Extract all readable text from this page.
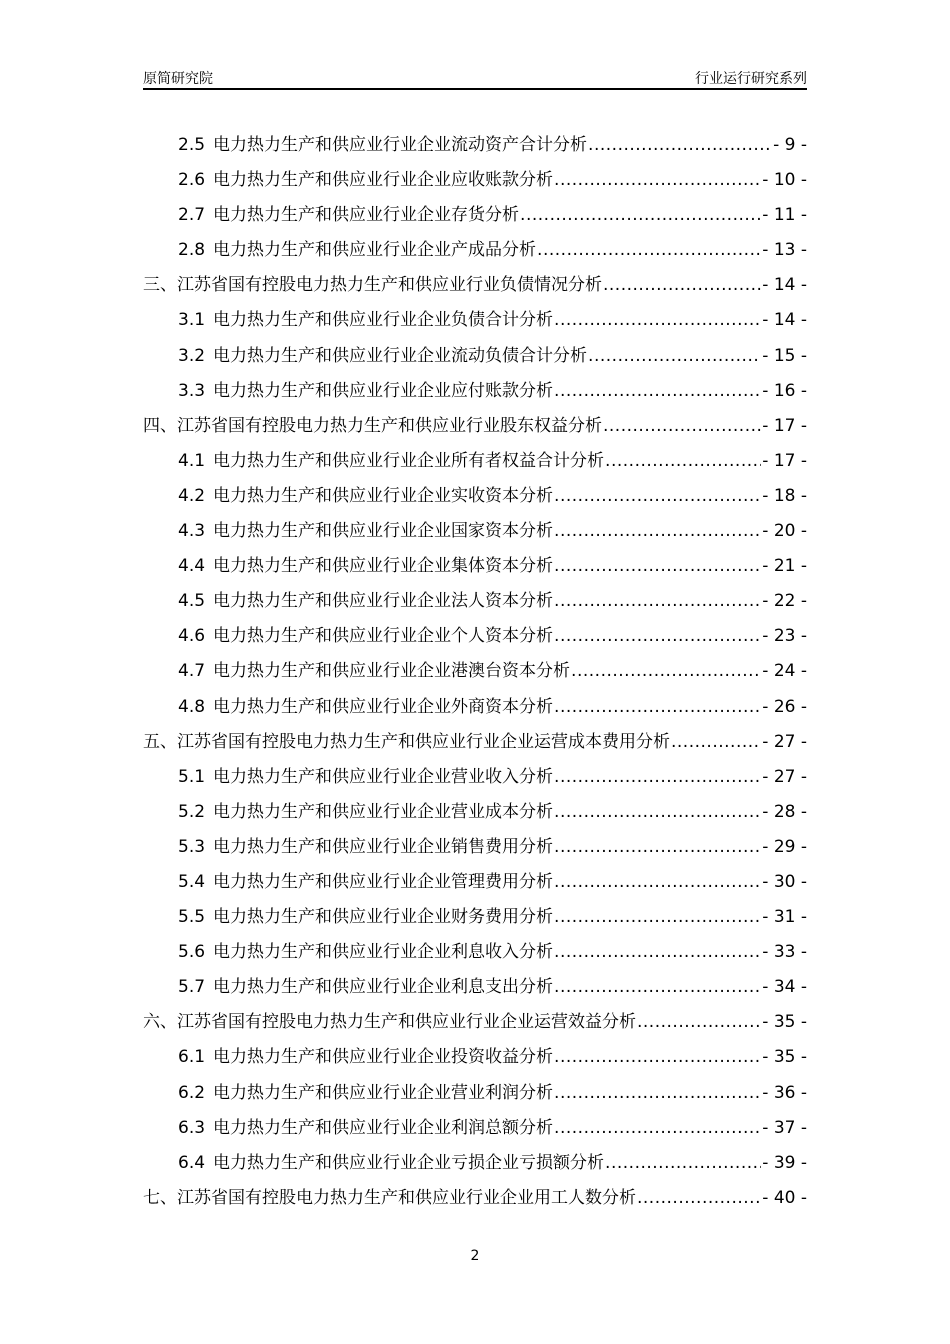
原简研究院	行业运行研究系列
2.5 电力热力生产和供应业行业企业流动资产合计分析 .....	- 9 -
2.6 电力热力生产和供应业行业企业应收账款分析 .....	- 10 -
2.7 电力热力生产和供应业行业企业存货分析 .....	- 11 -
2.8 电力热力生产和供应业行业企业产成品分析 .....	- 13 -
三、江苏省国有控股电力热力生产和供应业行业负债情况分析 .....	- 14 -
3.1 电力热力生产和供应业行业企业负债合计分析 .....	- 14 -
3.2 电力热力生产和供应业行业企业流动负债合计分析 .....	- 15 -
3.3 电力热力生产和供应业行业企业应付账款分析 .....	- 16 -
四、江苏省国有控股电力热力生产和供应业行业股东权益分析 .....	- 17 -
4.1 电力热力生产和供应业行业企业所有者权益合计分析 .....	- 17 -
4.2 电力热力生产和供应业行业企业实收资本分析 .....	- 18 -
4.3 电力热力生产和供应业行业企业国家资本分析 .....	- 20 -
4.4 电力热力生产和供应业行业企业集体资本分析 .....	- 21 -
4.5 电力热力生产和供应业行业企业法人资本分析 .....	- 22 -
4.6 电力热力生产和供应业行业企业个人资本分析 .....	- 23 -
4.7 电力热力生产和供应业行业企业港澳台资本分析 .....	- 24 -
4.8 电力热力生产和供应业行业企业外商资本分析 .....	- 26 -
五、江苏省国有控股电力热力生产和供应业行业企业运营成本费用分析 .....	- 27 -
5.1 电力热力生产和供应业行业企业营业收入分析 .....	- 27 -
5.2 电力热力生产和供应业行业企业营业成本分析 .....	- 28 -
5.3 电力热力生产和供应业行业企业销售费用分析 .....	- 29 -
5.4 电力热力生产和供应业行业企业管理费用分析 .....	- 30 -
5.5 电力热力生产和供应业行业企业财务费用分析 .....	- 31 -
5.6 电力热力生产和供应业行业企业利息收入分析 .....	- 33 -
5.7 电力热力生产和供应业行业企业利息支出分析 .....	- 34 -
六、江苏省国有控股电力热力生产和供应业行业企业运营效益分析 .....	- 35 -
6.1 电力热力生产和供应业行业企业投资收益分析 .....	- 35 -
6.2 电力热力生产和供应业行业企业营业利润分析 .....	- 36 -
6.3 电力热力生产和供应业行业企业利润总额分析 .....	- 37 -
6.4 电力热力生产和供应业行业企业亏损企业亏损额分析 .....	- 39 -
七、江苏省国有控股电力热力生产和供应业行业企业用工人数分析 .....	- 40 -
2
